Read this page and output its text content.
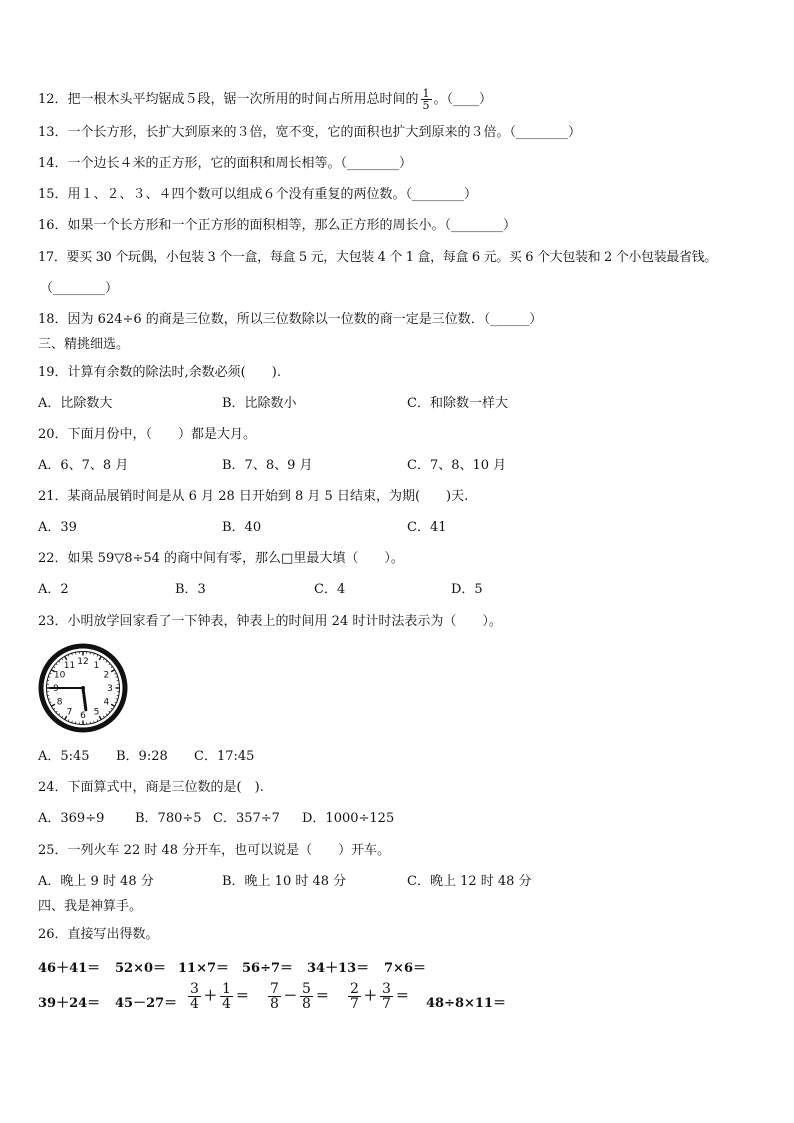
12．把一根木头平均锯成５段，锯一次所用的时间占所用总时间的 $\frac{1}{5}$ 。（____）
13．一个长方形，长扩大到原来的３倍，宽不变，它的面积也扩大到原来的３倍。（________）
14．一个边长４米的正方形，它的面积和周长相等。（________）
15．用１、２、３、４四个数可以组成６个没有重复的两位数。（________）
16．如果一个长方形和一个正方形的面积相等，那么正方形的周长小。（________）
17．要买 30 个玩偶，小包装 3 个一盒，每盒 5 元，大包装 4 个 1 盒，每盒 6 元。买 6 个大包装和 2 个小包装最省钱。
（________）
18．因为 624÷6 的商是三位数，所以三位数除以一位数的商一定是三位数．（______）
三、精挑细选。
19．计算有余数的除法时,余数必须(　　).
A．比除数大	B．比除数小	C．和除数一样大
20．下面月份中，（　　）都是大月。
A．6、7、8 月	B．7、8、9 月	C．7、8、10 月
21．某商品展销时间是从 6 月 28 日开始到 8 月 5 日结束，为期(　　)天.
A．39	B．40	C．41
22．如果 59▽8÷54 的商中间有零，那么□里最大填（　　）。
A．2	B．3	C．4	D．5
23．小明放学回家看了一下钟表，钟表上的时间用 24 时计时法表示为（　　）。
12 1
2
3
4
5
6
7
8
9
10
11
A．5:45 B．9:28 C．17:45
24．下面算式中，商是三位数的是(　).
A．369÷9 B．780÷5 C．357÷7 D．1000÷125
25．一列火车 22 时 48 分开车，也可以说是（　　）开车。
A．晚上 9 时 48 分	B．晚上 10 时 48 分	C．晚上 12 时 48 分
四、我是神算手。
26．直接写出得数。
46＋41＝ 52×0＝ 11×7＝ 56÷7＝ 34＋13＝ 7×6＝
$39+24= 45-27= \frac{3}{4} + \frac{1}{4} = \frac{7}{8} - \frac{5}{8} = \frac{2}{7} + \frac{3}{7} = 48\div 8\times 11=$
